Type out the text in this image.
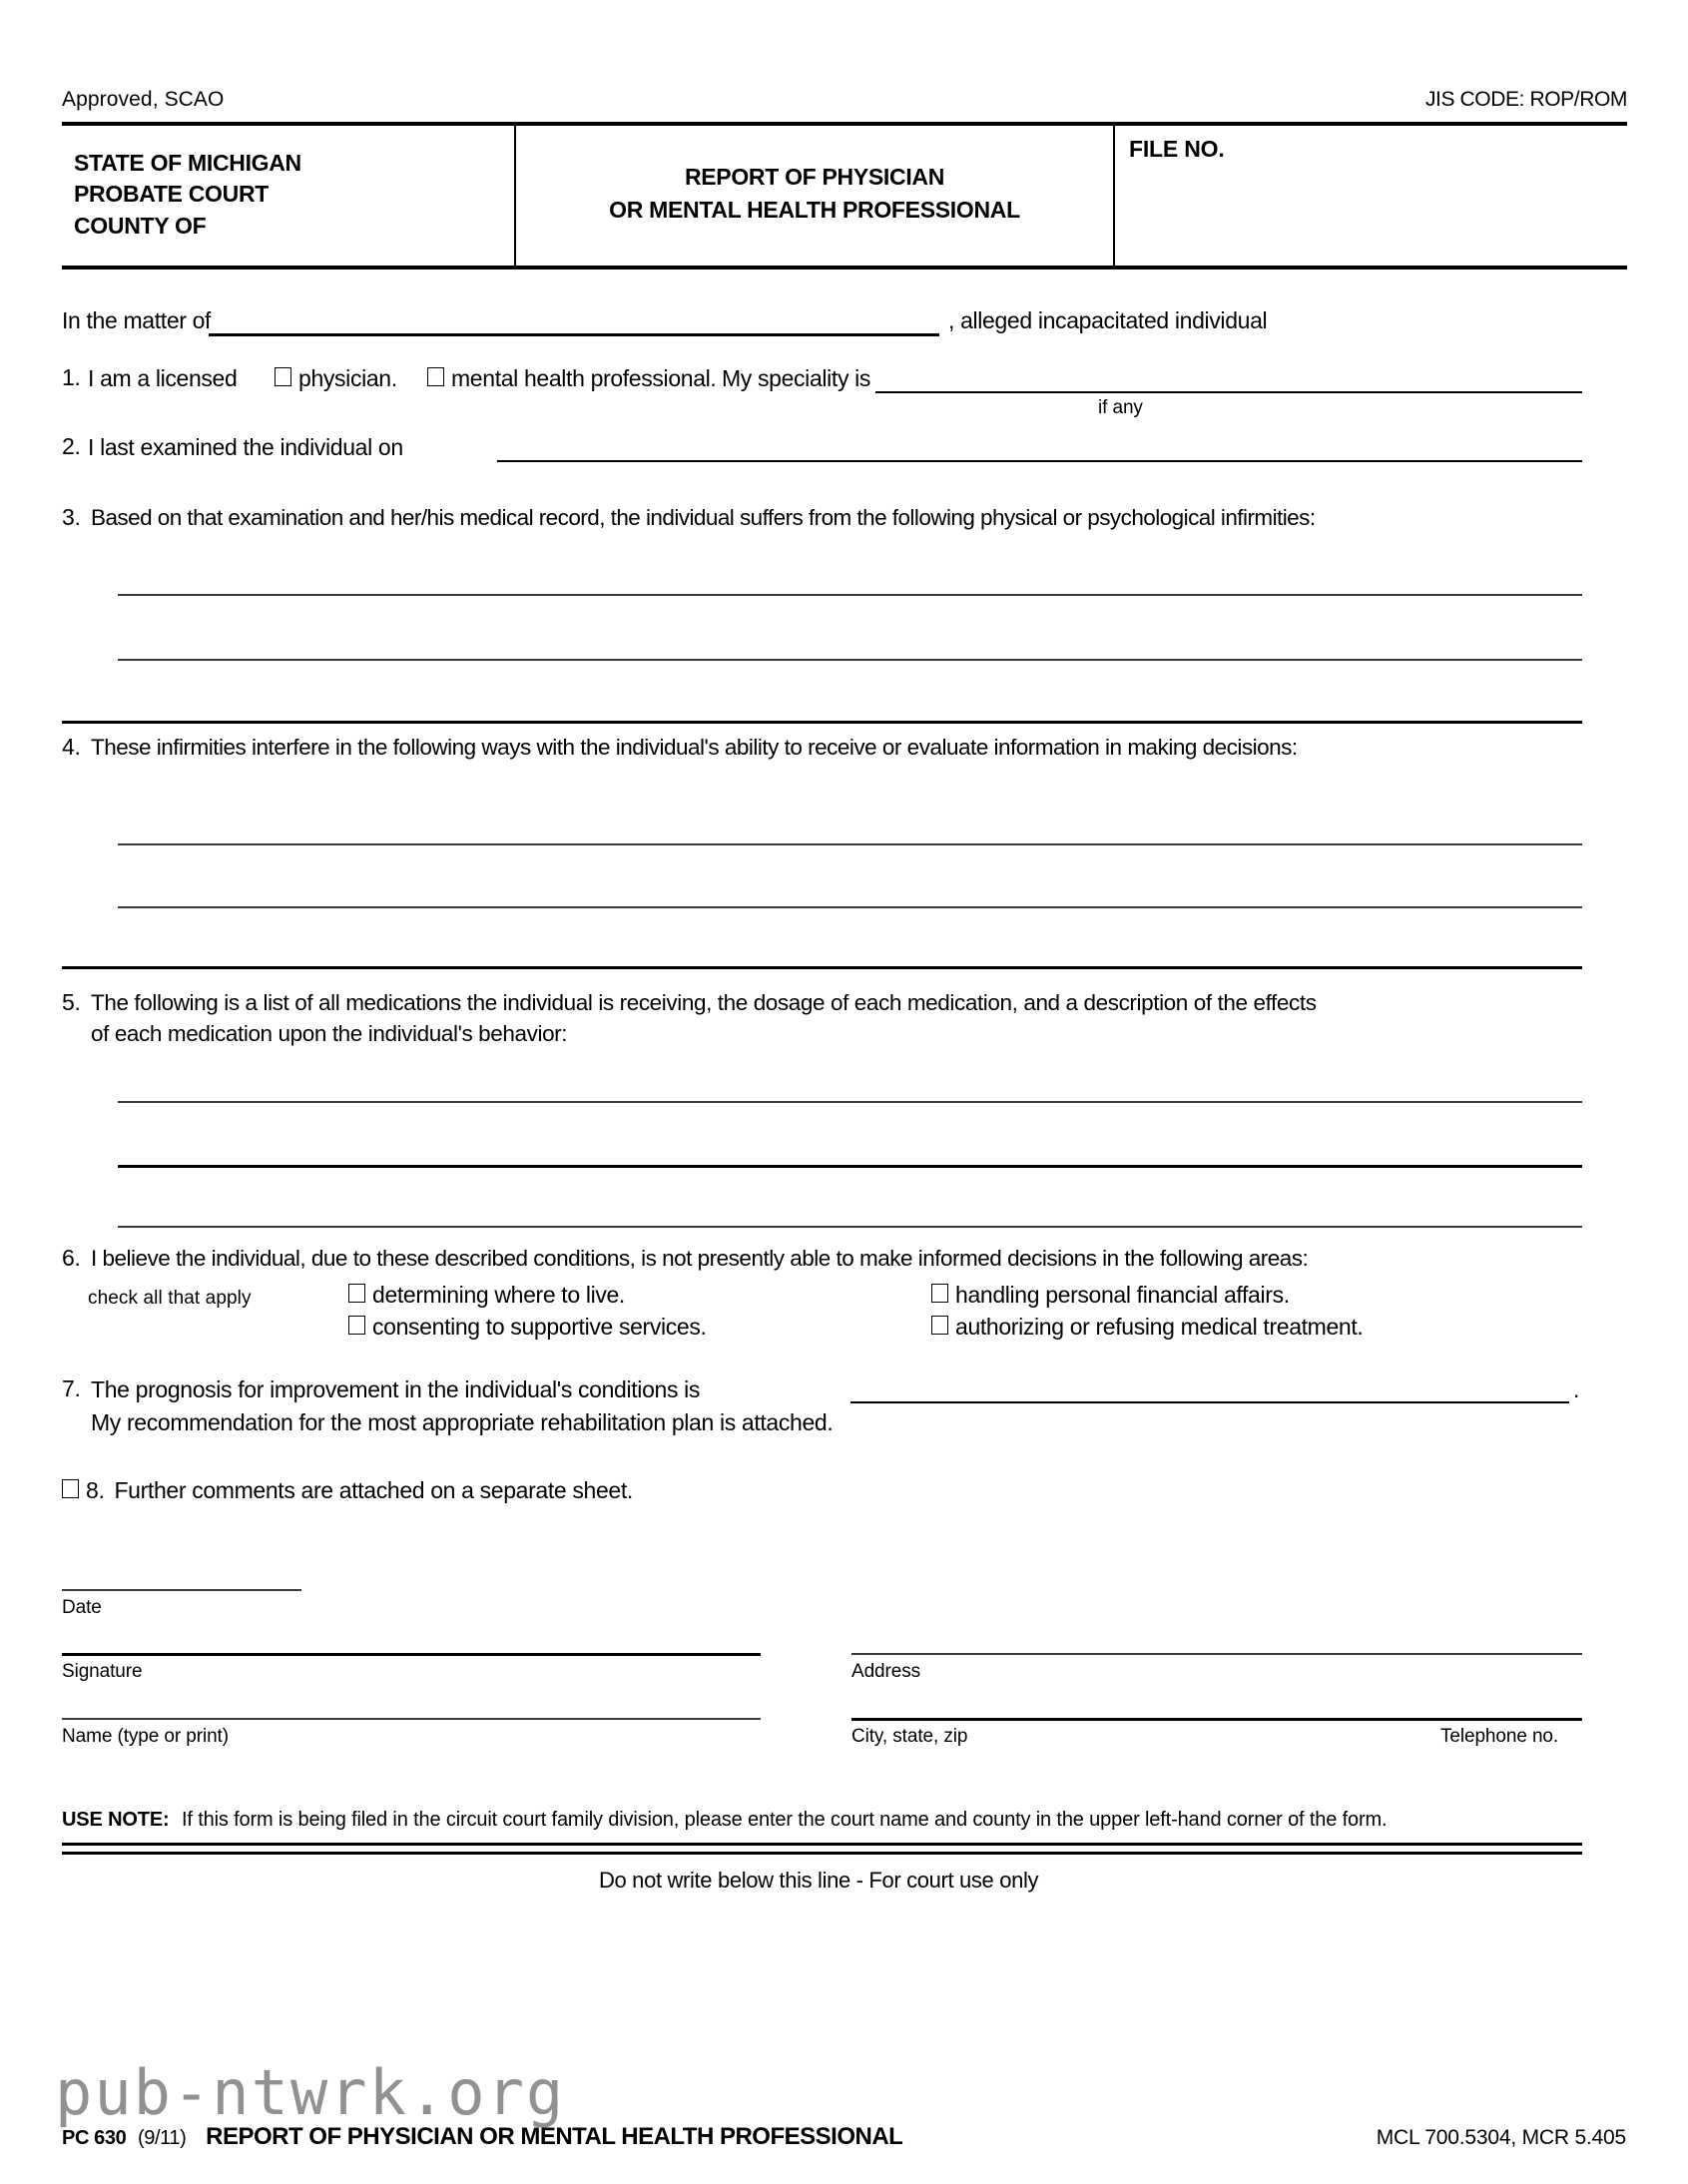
Approved, SCAO	JIS CODE: ROP/ROM
STATE OF MICHIGAN
PROBATE COURT
COUNTY OF
REPORT OF PHYSICIAN
OR MENTAL HEALTH PROFESSIONAL
FILE NO.
In the matter of	, alleged incapacitated individual
1. I am a licensed	physician. mental health professional. My speciality is
if any
2. I last examined the individual on
3. Based on that examination and her/his medical record, the individual suffers from the following physical or psychological infirmities:
4. These infirmities interfere in the following ways with the individual's ability to receive or evaluate information in making decisions:
5. The following is a list of all medications the individual is receiving, the dosage of each medication, and a description of the effects
of each medication upon the individual's behavior:
6. I believe the individual, due to these described conditions, is not presently able to make informed decisions in the following areas:
check all that apply	determining where to live.
consenting to supportive services.
handling personal financial affairs.
authorizing or refusing medical treatment.
7. The prognosis for improvement in the individual's conditions is	.
My recommendation for the most appropriate rehabilitation plan is attached.
8. Further comments are attached on a separate sheet.
Date
Signature	Address
Name (type or print)	City, state, zip	Telephone no.
USE NOTE: If this form is being filed in the circuit court family division, please enter the court name and county in the upper left-hand corner of the form.
Do not write below this line - For court use only
pub-ntwrk.org
PC 630 (9/11) REPORT OF PHYSICIAN OR MENTAL HEALTH PROFESSIONAL	MCL 700.5304, MCR 5.405
